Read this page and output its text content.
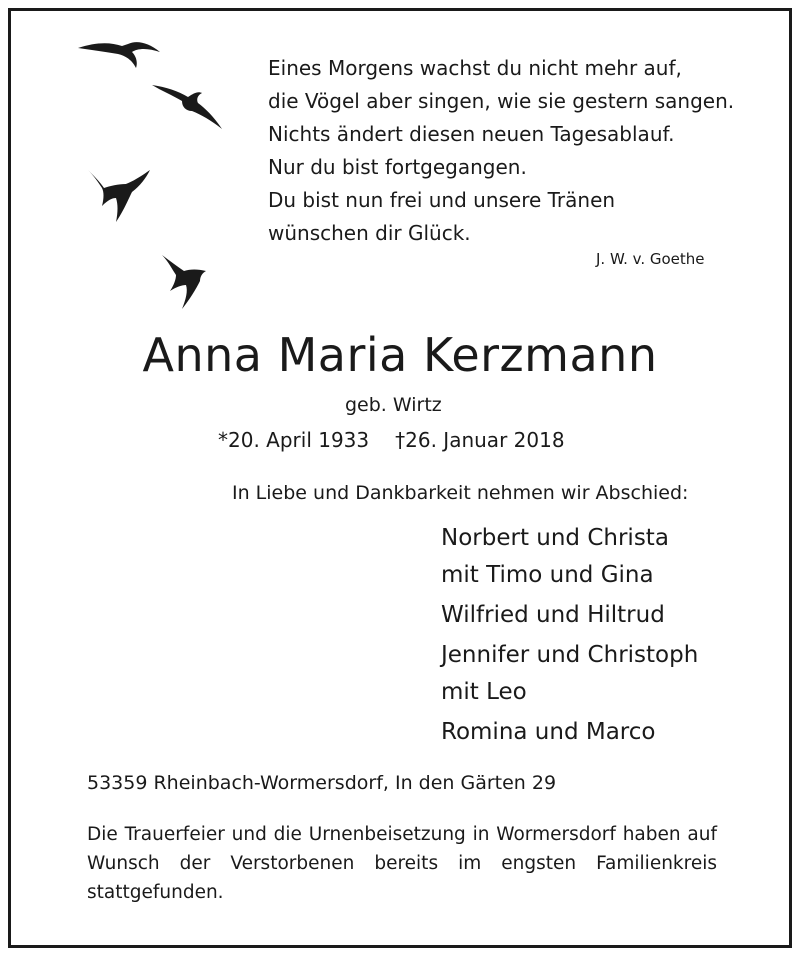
Eines Morgens wachst du nicht mehr auf,
die Vögel aber singen, wie sie gestern sangen.
Nichts ändert diesen neuen Tagesablauf.
Nur du bist fortgegangen.
Du bist nun frei und unsere Tränen
wünschen dir Glück.
J. W. v. Goethe
Anna Maria Kerzmann
geb. Wirtz
*20. April 1933 †26. Januar 2018
In Liebe und Dankbarkeit nehmen wir Abschied:
Norbert und Christa
mit Timo und Gina
Wilfried und Hiltrud
Jennifer und Christoph
mit Leo
Romina und Marco
53359 Rheinbach-Wormersdorf, In den Gärten 29
Die Trauerfeier und die Urnenbeisetzung in Wormersdorf haben auf Wunsch der Verstorbenen bereits im engsten Familienkreis stattgefunden.
